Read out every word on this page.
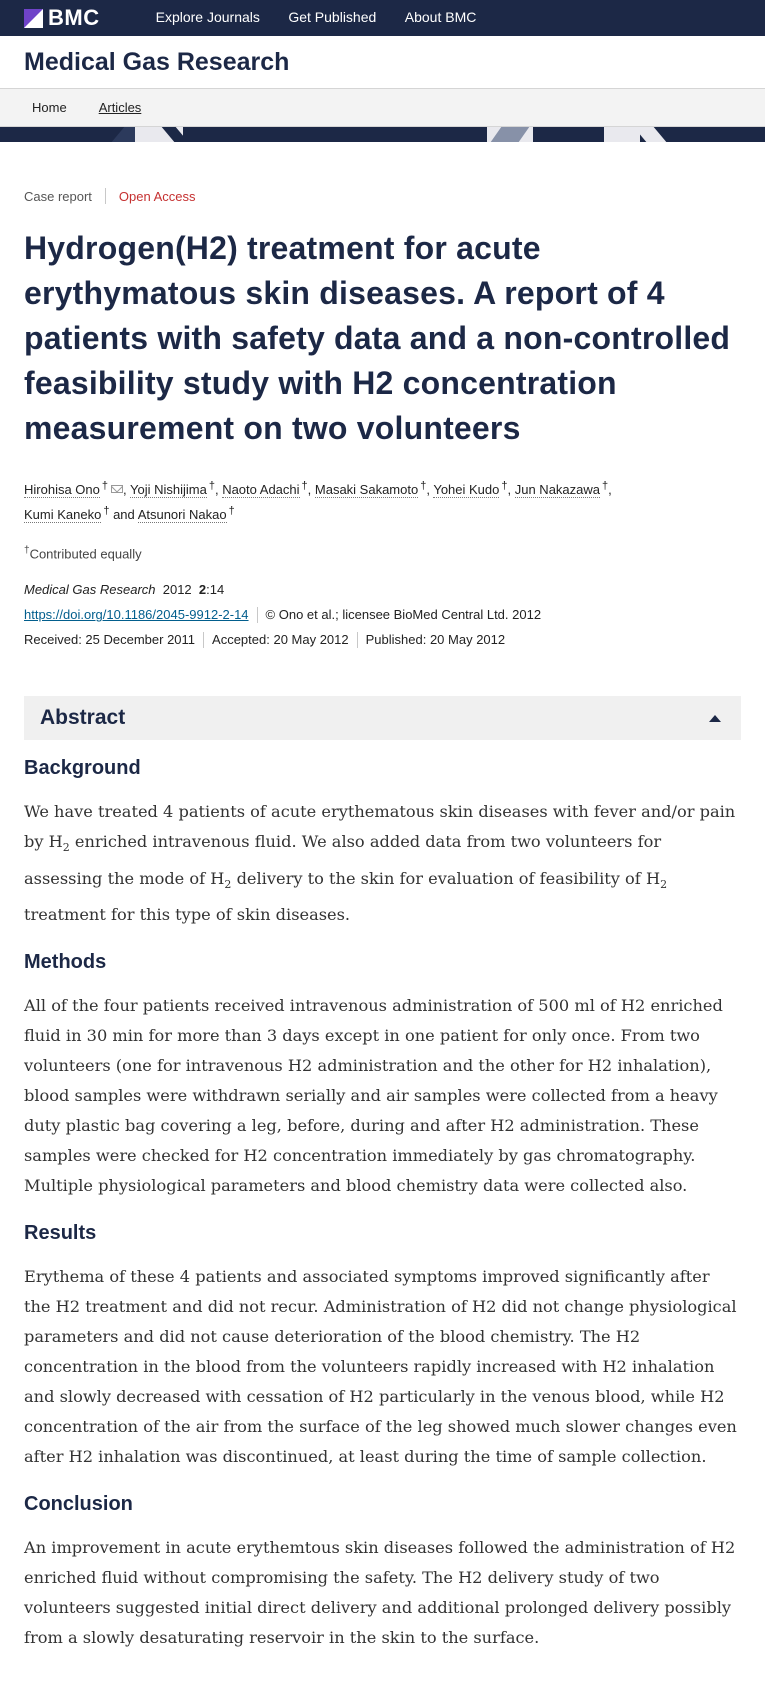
BMC	Explore Journals Get Published About BMC
Medical Gas Research
Home Articles
Case report Open Access
Hydrogen(H2) treatment for acute erythymatous skin diseases. A report of 4 patients with safety data and a non-controlled feasibility study with H2 concentration measurement on two volunteers
Hirohisa Ono † , Yoji Nishijima †, Naoto Adachi †, Masaki Sakamoto †, Yohei Kudo †, Jun Nakazawa †,
Kumi Kaneko † and Atsunori Nakao †
†Contributed equally
Medical Gas Research 2012 2:14
https://doi.org/10.1186/2045-9912-2-14 © Ono et al.; licensee BioMed Central Ltd. 2012
Received: 25 December 2011 Accepted: 20 May 2012 Published: 20 May 2012
Abstract
Background

We have treated 4 patients of acute erythematous skin diseases with fever and/or pain by $H_2$ enriched intravenous fluid. We also added data from two volunteers for assessing the mode of $H_2$ delivery to the skin for evaluation of feasibility of $H_2$ treatment for this type of skin diseases.

Methods

All of the four patients received intravenous administration of 500 ml of H2 enriched fluid in 30 min for more than 3 days except in one patient for only once. From two volunteers (one for intravenous H2 administration and the other for H2 inhalation), blood samples were withdrawn serially and air samples were collected from a heavy duty plastic bag covering a leg, before, during and after H2 administration. These samples were checked for H2 concentration immediately by gas chromatography. Multiple physiological parameters and blood chemistry data were collected also.

Results

Erythema of these 4 patients and associated symptoms improved significantly after the H2 treatment and did not recur. Administration of H2 did not change physiological parameters and did not cause deterioration of the blood chemistry. The H2 concentration in the blood from the volunteers rapidly increased with H2 inhalation and slowly decreased with cessation of H2 particularly in the venous blood, while H2 concentration of the air from the surface of the leg showed much slower changes even after H2 inhalation was discontinued, at least during the time of sample collection.

Conclusion

An improvement in acute erythemtous skin diseases followed the administration of H2 enriched fluid without compromising the safety. The H2 delivery study of two volunteers suggested initial direct delivery and additional prolonged delivery possibly from a slowly desaturating reservoir in the skin to the surface.
